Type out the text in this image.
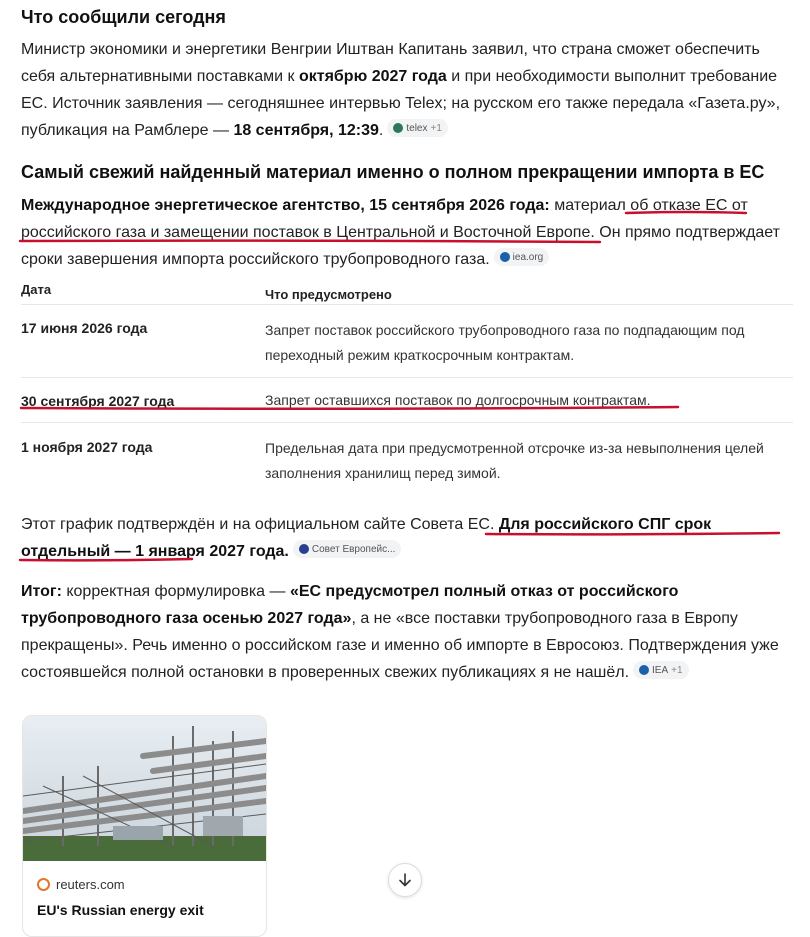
Что сообщили сегодня

Министр экономики и энергетики Венгрии Иштван Капитань заявил, что страна сможет обеспечить себя альтернативными поставками к октябрю 2027 года и при необходимости выполнит требование ЕС. Источник заявления — сегодняшнее интервью Telex; на русском его также передала «Газета.ру», публикация на Рамблере — 18 сентября, 12:39. telex +1

Самый свежий найденный материал именно о полном прекращении импорта в ЕС

Международное энергетическое агентство, 15 сентября 2026 года: материал об отказе ЕС от российского газа и замещении поставок в Центральной и Восточной Европе. Он прямо подтверждает сроки завершения импорта российского трубопроводного газа. iea.org

Дата	Что предусмотрено
17 июня 2026 года	Запрет поставок российского трубопроводного газа по подпадающим под переходный режим краткосрочным контрактам.
30 сентября 2027 года	Запрет оставшихся поставок по долгосрочным контрактам.
1 ноября 2027 года	Предельная дата при предусмотренной отсрочке из-за невыполнения целей заполнения хранилищ перед зимой.

Этот график подтверждён и на официальном сайте Совета ЕС. Для российского СПГ срок отдельный — 1 января 2027 года. Совет Европейс...

Итог: корректная формулировка — «ЕС предусмотрел полный отказ от российского трубопроводного газа осенью 2027 года», а не «все поставки трубопроводного газа в Европу прекращены». Речь именно о российском газе и именно об импорте в Евросоюз. Подтверждения уже состоявшейся полной остановки в проверенных свежих публикациях я не нашёл. IEA +1

reuters.com
EU's Russian energy exit
